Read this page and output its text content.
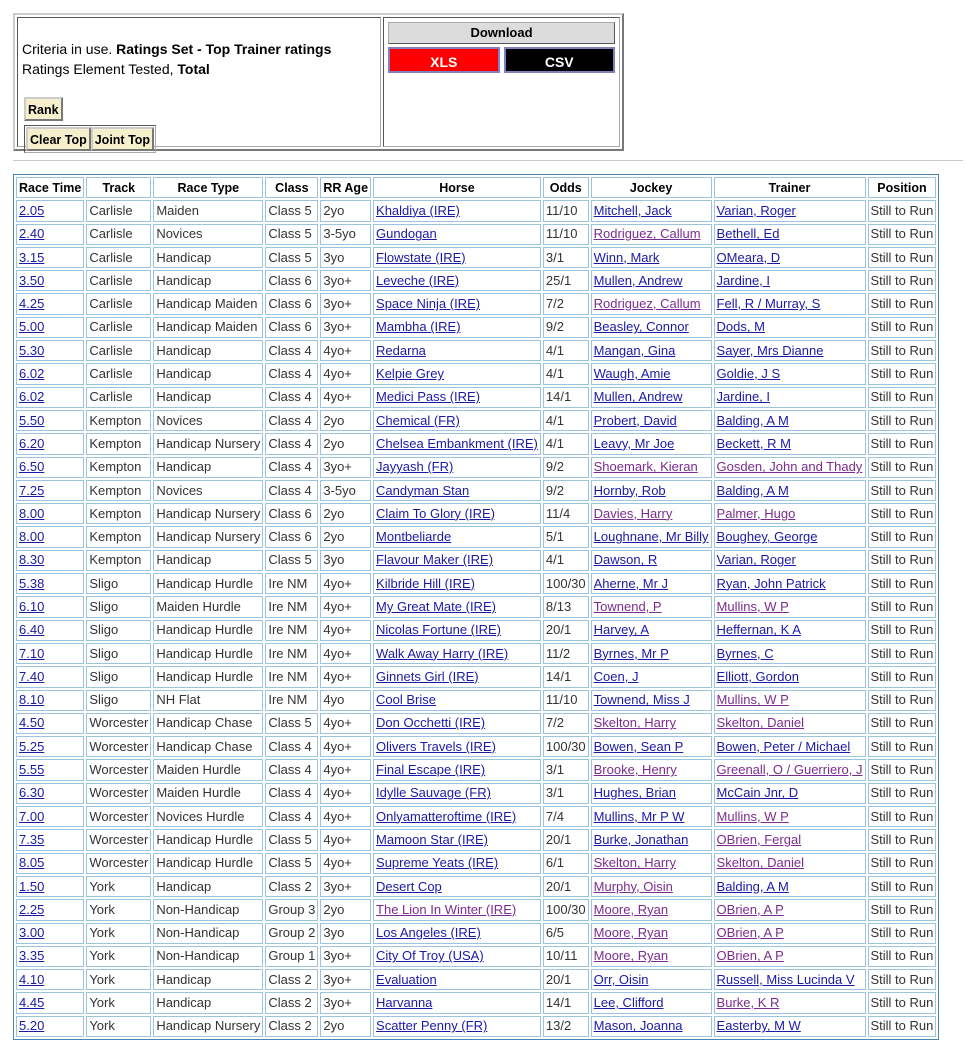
Criteria in use. Ratings Set - Top Trainer ratings
Ratings Element Tested, Total
Rank
Clear Top Joint Top

Download
XLS	CSV
Race Time	Track	Race Type	Class	RR Age	Horse	Odds	Jockey	Trainer	Position
2.05	Carlisle	Maiden	Class 5	2yo	Khaldiya (IRE)	11/10	Mitchell, Jack	Varian, Roger	Still to Run
2.40	Carlisle	Novices	Class 5	3-5yo	Gundogan	11/10	Rodriguez, Callum	Bethell, Ed	Still to Run
3.15	Carlisle	Handicap	Class 5	3yo	Flowstate (IRE)	3/1	Winn, Mark	OMeara, D	Still to Run
3.50	Carlisle	Handicap	Class 6	3yo+	Leveche (IRE)	25/1	Mullen, Andrew	Jardine, I	Still to Run
4.25	Carlisle	Handicap Maiden	Class 6	3yo+	Space Ninja (IRE)	7/2	Rodriguez, Callum	Fell, R / Murray, S	Still to Run
5.00	Carlisle	Handicap Maiden	Class 6	3yo+	Mambha (IRE)	9/2	Beasley, Connor	Dods, M	Still to Run
5.30	Carlisle	Handicap	Class 4	4yo+	Redarna	4/1	Mangan, Gina	Sayer, Mrs Dianne	Still to Run
6.02	Carlisle	Handicap	Class 4	4yo+	Kelpie Grey	4/1	Waugh, Amie	Goldie, J S	Still to Run
6.02	Carlisle	Handicap	Class 4	4yo+	Medici Pass (IRE)	14/1	Mullen, Andrew	Jardine, I	Still to Run
5.50	Kempton	Novices	Class 4	2yo	Chemical (FR)	4/1	Probert, David	Balding, A M	Still to Run
6.20	Kempton	Handicap Nursery	Class 4	2yo	Chelsea Embankment (IRE)	4/1	Leavy, Mr Joe	Beckett, R M	Still to Run
6.50	Kempton	Handicap	Class 4	3yo+	Jayyash (FR)	9/2	Shoemark, Kieran	Gosden, John and Thady	Still to Run
7.25	Kempton	Novices	Class 4	3-5yo	Candyman Stan	9/2	Hornby, Rob	Balding, A M	Still to Run
8.00	Kempton	Handicap Nursery	Class 6	2yo	Claim To Glory (IRE)	11/4	Davies, Harry	Palmer, Hugo	Still to Run
8.00	Kempton	Handicap Nursery	Class 6	2yo	Montbeliarde	5/1	Loughnane, Mr Billy	Boughey, George	Still to Run
8.30	Kempton	Handicap	Class 5	3yo	Flavour Maker (IRE)	4/1	Dawson, R	Varian, Roger	Still to Run
5.38	Sligo	Handicap Hurdle	Ire NM	4yo+	Kilbride Hill (IRE)	100/30	Aherne, Mr J	Ryan, John Patrick	Still to Run
6.10	Sligo	Maiden Hurdle	Ire NM	4yo+	My Great Mate (IRE)	8/13	Townend, P	Mullins, W P	Still to Run
6.40	Sligo	Handicap Hurdle	Ire NM	4yo+	Nicolas Fortune (IRE)	20/1	Harvey, A	Heffernan, K A	Still to Run
7.10	Sligo	Handicap Hurdle	Ire NM	4yo+	Walk Away Harry (IRE)	11/2	Byrnes, Mr P	Byrnes, C	Still to Run
7.40	Sligo	Handicap Hurdle	Ire NM	4yo+	Ginnets Girl (IRE)	14/1	Coen, J	Elliott, Gordon	Still to Run
8.10	Sligo	NH Flat	Ire NM	4yo	Cool Brise	11/10	Townend, Miss J	Mullins, W P	Still to Run
4.50	Worcester	Handicap Chase	Class 5	4yo+	Don Occhetti (IRE)	7/2	Skelton, Harry	Skelton, Daniel	Still to Run
5.25	Worcester	Handicap Chase	Class 4	4yo+	Olivers Travels (IRE)	100/30	Bowen, Sean P	Bowen, Peter / Michael	Still to Run
5.55	Worcester	Maiden Hurdle	Class 4	4yo+	Final Escape (IRE)	3/1	Brooke, Henry	Greenall, O / Guerriero, J	Still to Run
6.30	Worcester	Maiden Hurdle	Class 4	4yo+	Idylle Sauvage (FR)	3/1	Hughes, Brian	McCain Jnr, D	Still to Run
7.00	Worcester	Novices Hurdle	Class 4	4yo+	Onlyamatteroftime (IRE)	7/4	Mullins, Mr P W	Mullins, W P	Still to Run
7.35	Worcester	Handicap Hurdle	Class 5	4yo+	Mamoon Star (IRE)	20/1	Burke, Jonathan	OBrien, Fergal	Still to Run
8.05	Worcester	Handicap Hurdle	Class 5	4yo+	Supreme Yeats (IRE)	6/1	Skelton, Harry	Skelton, Daniel	Still to Run
1.50	York	Handicap	Class 2	3yo+	Desert Cop	20/1	Murphy, Oisin	Balding, A M	Still to Run
2.25	York	Non-Handicap	Group 3	2yo	The Lion In Winter (IRE)	100/30	Moore, Ryan	OBrien, A P	Still to Run
3.00	York	Non-Handicap	Group 2	3yo	Los Angeles (IRE)	6/5	Moore, Ryan	OBrien, A P	Still to Run
3.35	York	Non-Handicap	Group 1	3yo+	City Of Troy (USA)	10/11	Moore, Ryan	OBrien, A P	Still to Run
4.10	York	Handicap	Class 2	3yo+	Evaluation	20/1	Orr, Oisin	Russell, Miss Lucinda V	Still to Run
4.45	York	Handicap	Class 2	3yo+	Harvanna	14/1	Lee, Clifford	Burke, K R	Still to Run
5.20	York	Handicap Nursery	Class 2	2yo	Scatter Penny (FR)	13/2	Mason, Joanna	Easterby, M W	Still to Run
